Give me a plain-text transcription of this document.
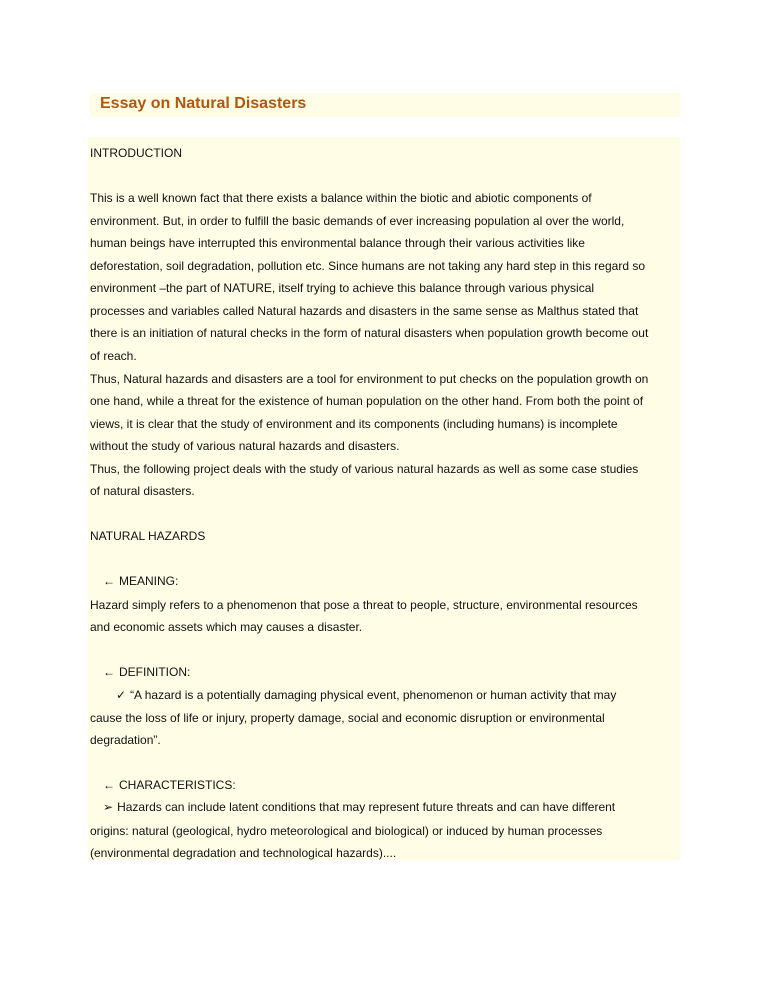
Essay on Natural Disasters

INTRODUCTION

This is a well known fact that there exists a balance within the biotic and abiotic components of

environment. But, in order to fulfill the basic demands of ever increasing population al over the world,

human beings have interrupted this environmental balance through their various activities like

deforestation, soil degradation, pollution etc. Since humans are not taking any hard step in this regard so

environment –the part of NATURE, itself trying to achieve this balance through various physical

processes and variables called Natural hazards and disasters in the same sense as Malthus stated that

there is an initiation of natural checks in the form of natural disasters when population growth become out

of reach.

Thus, Natural hazards and disasters are a tool for environment to put checks on the population growth on

one hand, while a threat for the existence of human population on the other hand. From both the point of

views, it is clear that the study of environment and its components (including humans) is incomplete

without the study of various natural hazards and disasters.

Thus, the following project deals with the study of various natural hazards as well as some case studies

of natural disasters.

NATURAL HAZARDS

← MEANING:

Hazard simply refers to a phenomenon that pose a threat to people, structure, environmental resources

and economic assets which may causes a disaster.

← DEFINITION:

✓ “A hazard is a potentially damaging physical event, phenomenon or human activity that may

cause the loss of life or injury, property damage, social and economic disruption or environmental

degradation”.

← CHARACTERISTICS:

➢ Hazards can include latent conditions that may represent future threats and can have different

origins: natural (geological, hydro meteorological and biological) or induced by human processes

(environmental degradation and technological hazards)....
